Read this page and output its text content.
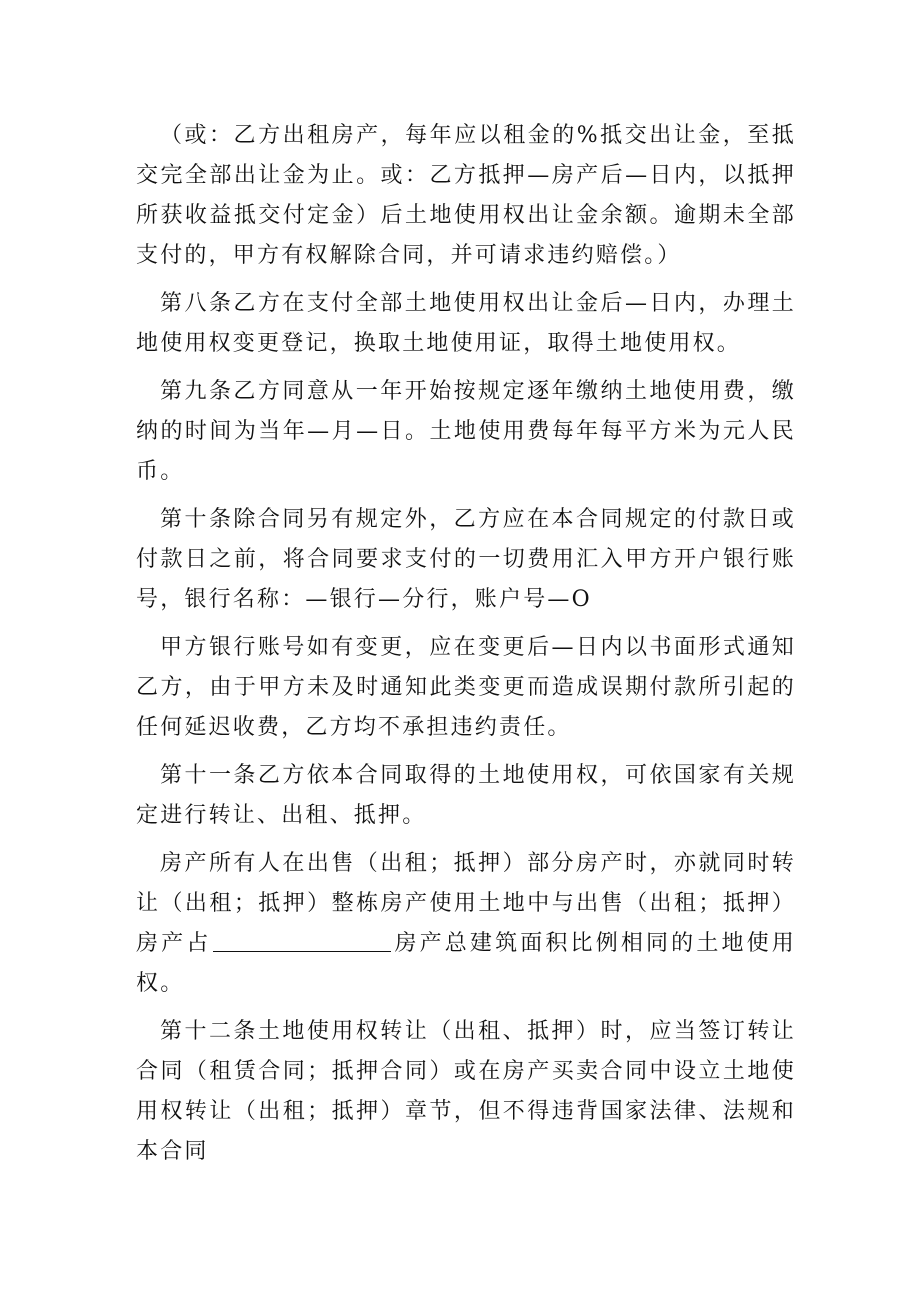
（或：乙方出租房产，每年应以租金的%抵交出让金，至抵交完全部出让金为止。或：乙方抵押—房产后—日内，以抵押所获收益抵交付定金）后土地使用权出让金余额。逾期未全部支付的，甲方有权解除合同，并可请求违约赔偿。）

第八条乙方在支付全部土地使用权出让金后—日内，办理土地使用权变更登记，换取土地使用证，取得土地使用权。

第九条乙方同意从一年开始按规定逐年缴纳土地使用费，缴纳的时间为当年—月—日。土地使用费每年每平方米为元人民币。

第十条除合同另有规定外，乙方应在本合同规定的付款日或付款日之前，将合同要求支付的一切费用汇入甲方开户银行账号，银行名称：—银行—分行，账户号—O

甲方银行账号如有变更，应在变更后—日内以书面形式通知乙方，由于甲方未及时通知此类变更而造成误期付款所引起的任何延迟收费，乙方均不承担违约责任。

第十一条乙方依本合同取得的土地使用权，可依国家有关规定进行转让、出租、抵押。

房产所有人在出售（出租；抵押）部分房产时，亦就同时转让（出租；抵押）整栋房产使用土地中与出售（出租；抵押）房产占	房产总建筑面积比例相同的土地使用权。

第十二条土地使用权转让（出租、抵押）时，应当签订转让合同（租赁合同；抵押合同）或在房产买卖合同中设立土地使用权转让（出租；抵押）章节，但不得违背国家法律、法规和本合同
